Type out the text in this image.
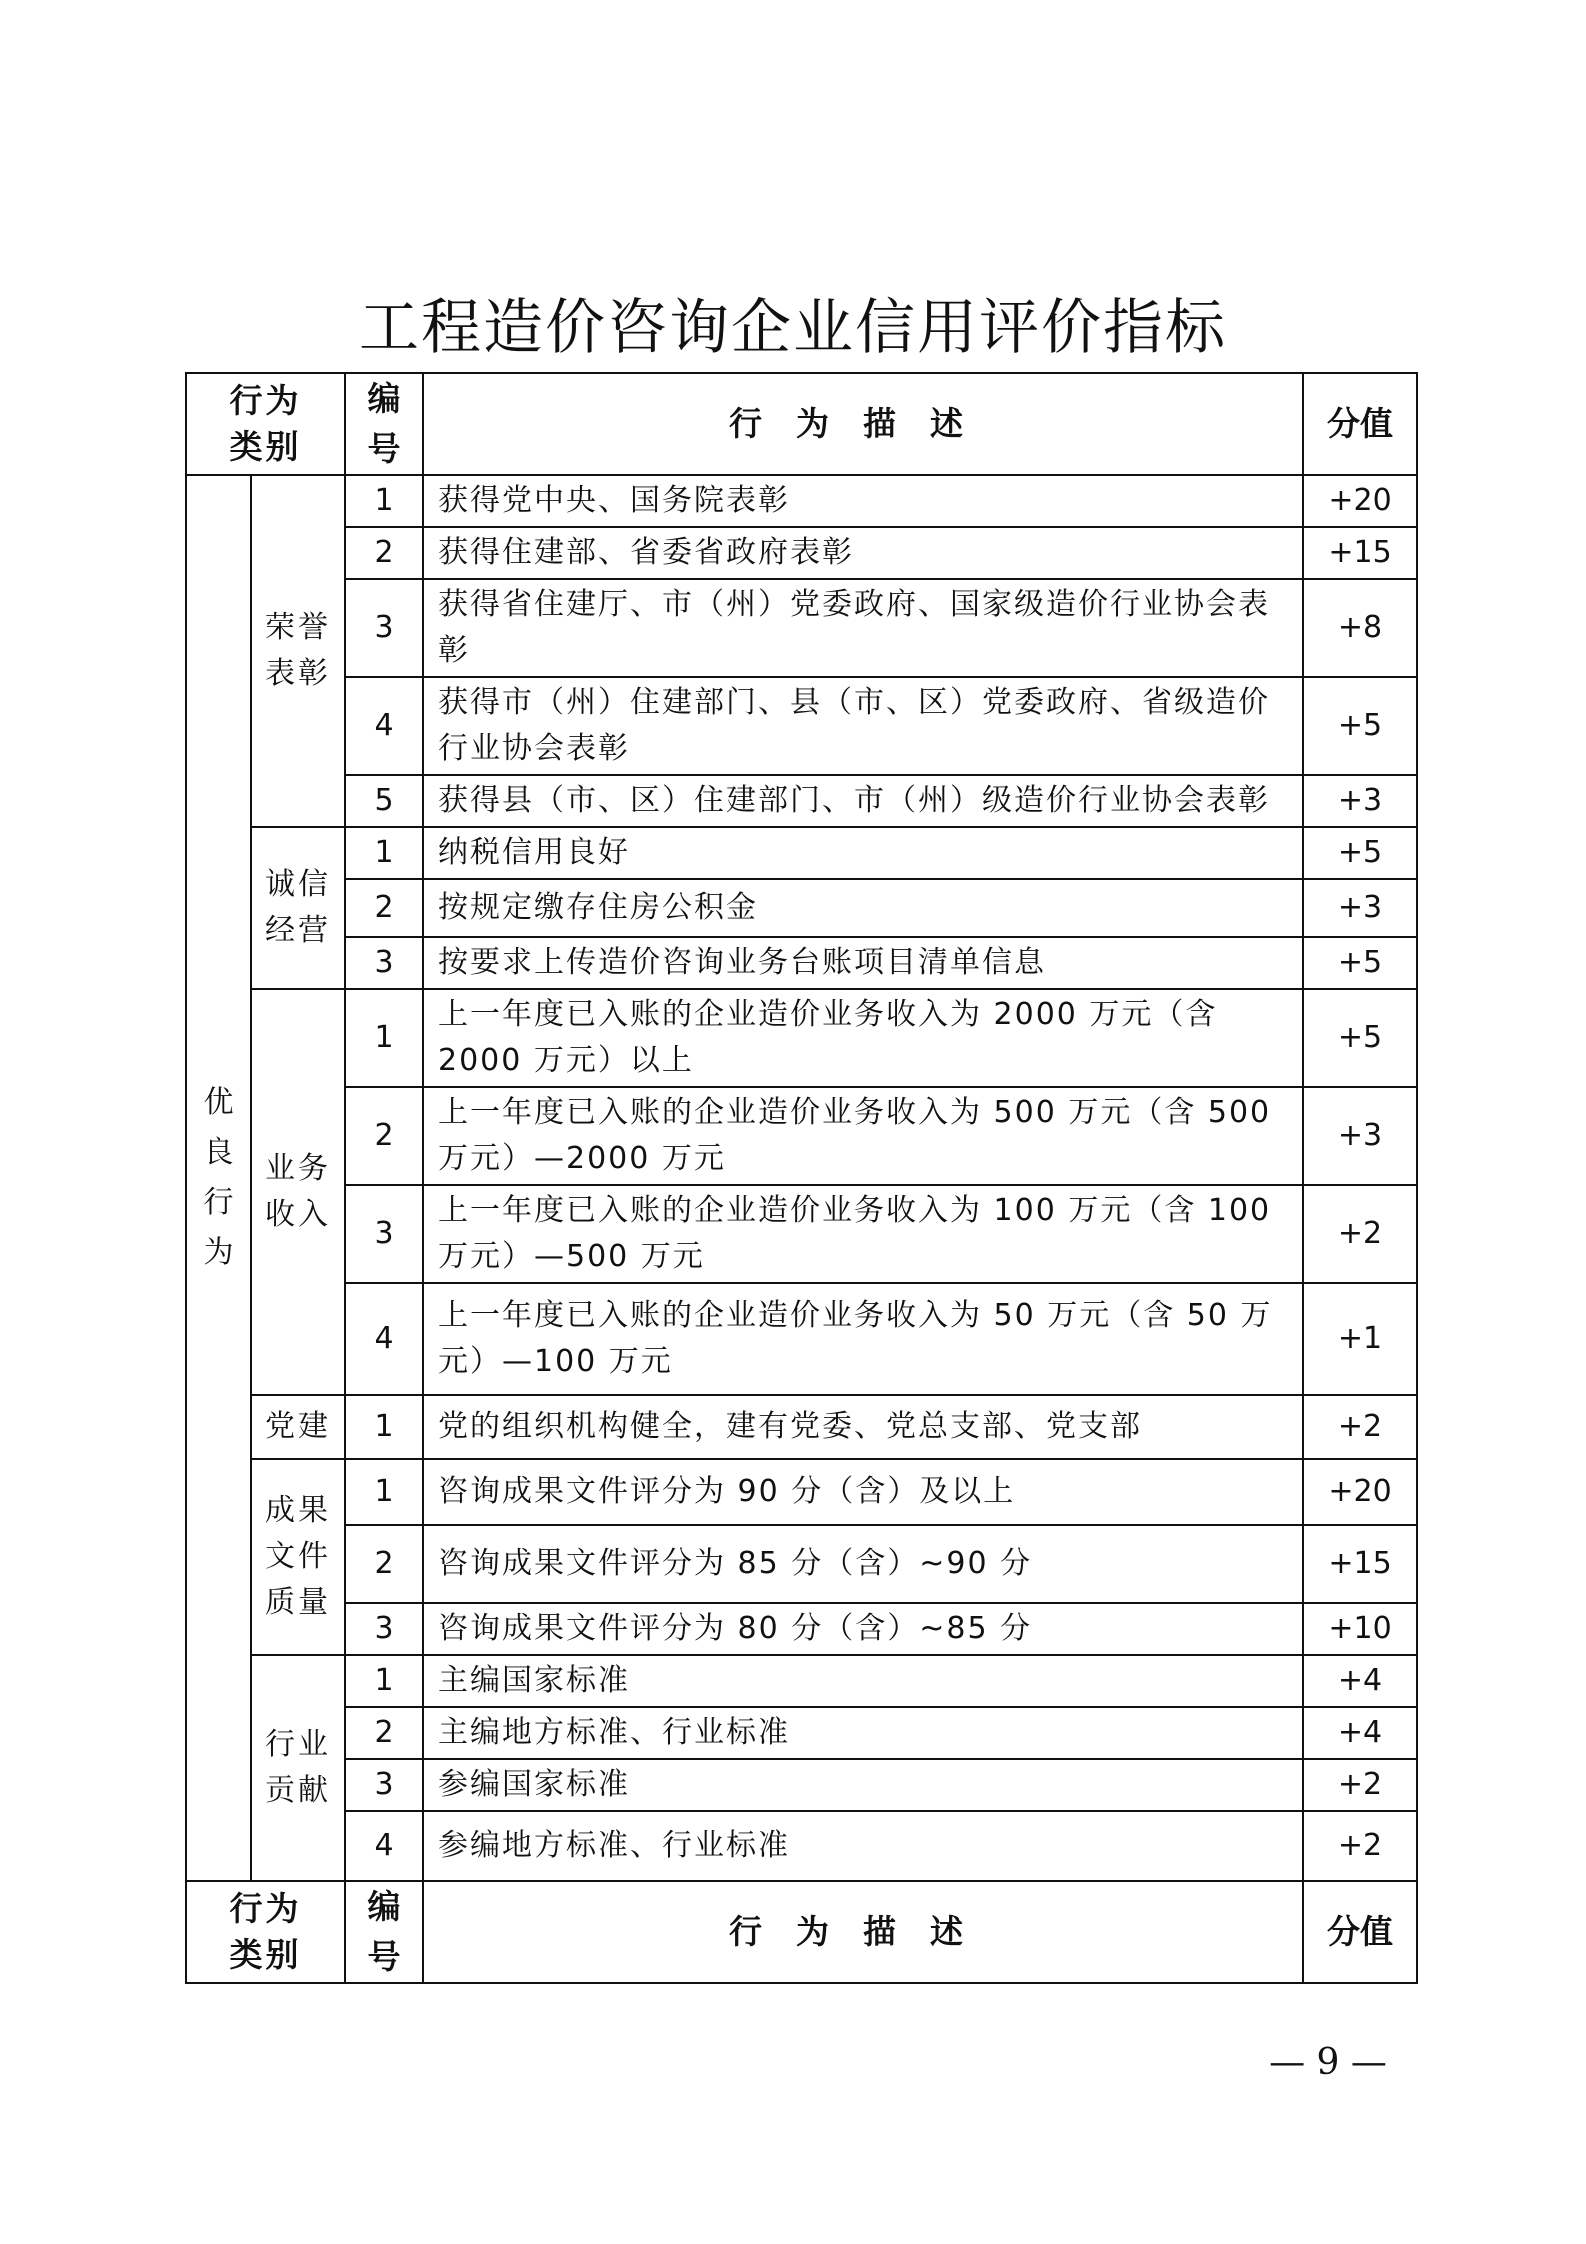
工程造价咨询企业信用评价指标
行为类别		编号	行为描述	分值
优良行为	荣誉表彰	1	获得党中央、国务院表彰	+20
		2	获得住建部、省委省政府表彰	+15
		3	获得省住建厅、市（州）党委政府、国家级造价行业协会表彰	+8
		4	获得市（州）住建部门、县（市、区）党委政府、省级造价行业协会表彰	+5
		5	获得县（市、区）住建部门、市（州）级造价行业协会表彰	+3
	诚信经营	1	纳税信用良好	+5
		2	按规定缴存住房公积金	+3
		3	按要求上传造价咨询业务台账项目清单信息	+5
	业务收入	1	上一年度已入账的企业造价业务收入为 2000 万元（含 2000 万元）以上	+5
		2	上一年度已入账的企业造价业务收入为 500 万元（含 500 万元）—2000 万元	+3
		3	上一年度已入账的企业造价业务收入为 100 万元（含 100 万元）—500 万元	+2
		4	上一年度已入账的企业造价业务收入为 50 万元（含 50 万元）—100 万元	+1
	党建	1	党的组织机构健全，建有党委、党总支部、党支部	+2
	成果文件质量	1	咨询成果文件评分为 90 分（含）及以上	+20
		2	咨询成果文件评分为 85 分（含）~90 分	+15
		3	咨询成果文件评分为 80 分（含）~85 分	+10
	行业贡献	1	主编国家标准	+4
		2	主编地方标准、行业标准	+4
		3	参编国家标准	+2
		4	参编地方标准、行业标准	+2
行为类别		编号	行为描述	分值
— 9 —
